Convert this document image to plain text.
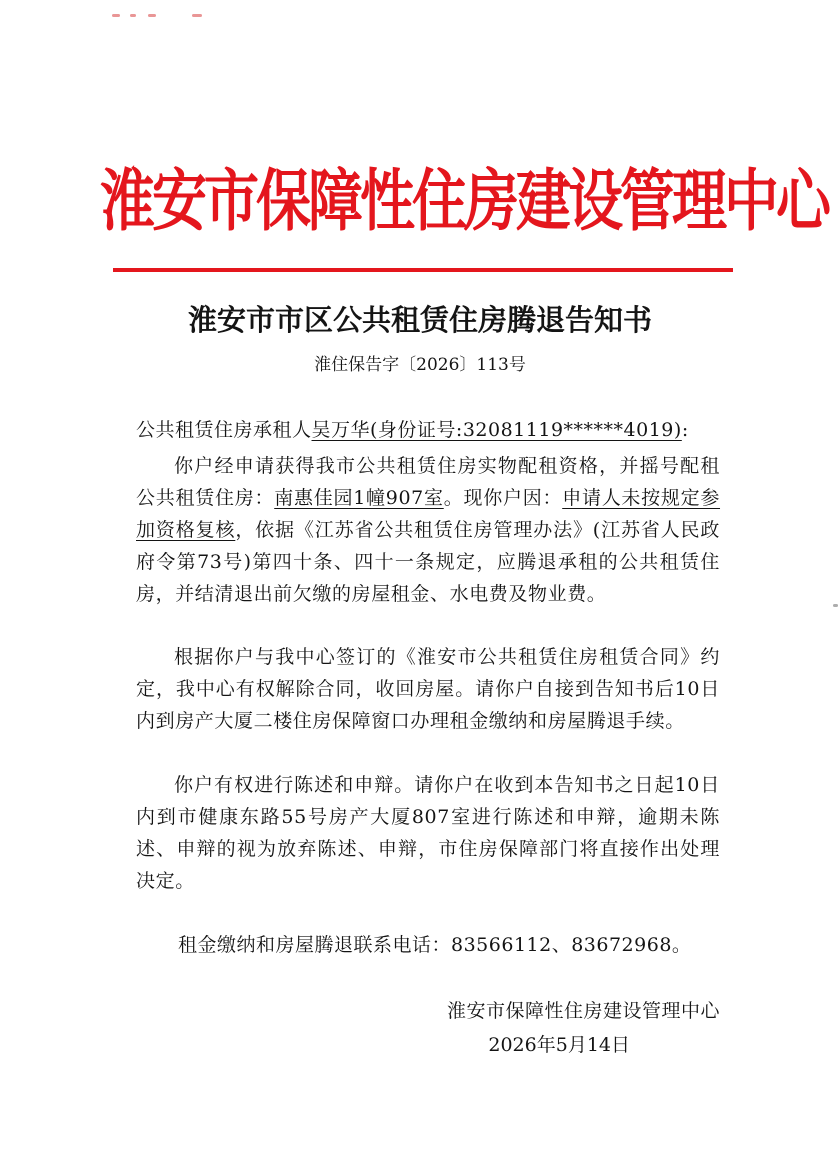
淮安市保障性住房建设管理中心
淮安市市区公共租赁住房腾退告知书
淮住保告字〔2026〕113号
公共租赁住房承租人吴万华(身份证号:32081119******4019):

你户经申请获得我市公共租赁住房实物配租资格，并摇号配租公共租赁住房：南惠佳园1幢907室。现你户因：申请人未按规定参加资格复核，依据《江苏省公共租赁住房管理办法》(江苏省人民政府令第73号)第四十条、四十一条规定，应腾退承租的公共租赁住房，并结清退出前欠缴的房屋租金、水电费及物业费。

根据你户与我中心签订的《淮安市公共租赁住房租赁合同》约定，我中心有权解除合同，收回房屋。请你户自接到告知书后10日内到房产大厦二楼住房保障窗口办理租金缴纳和房屋腾退手续。

你户有权进行陈述和申辩。请你户在收到本告知书之日起10日内到市健康东路55号房产大厦807室进行陈述和申辩，逾期未陈述、申辩的视为放弃陈述、申辩，市住房保障部门将直接作出处理决定。

租金缴纳和房屋腾退联系电话：83566112、83672968。
淮安市保障性住房建设管理中心
2026年5月14日
